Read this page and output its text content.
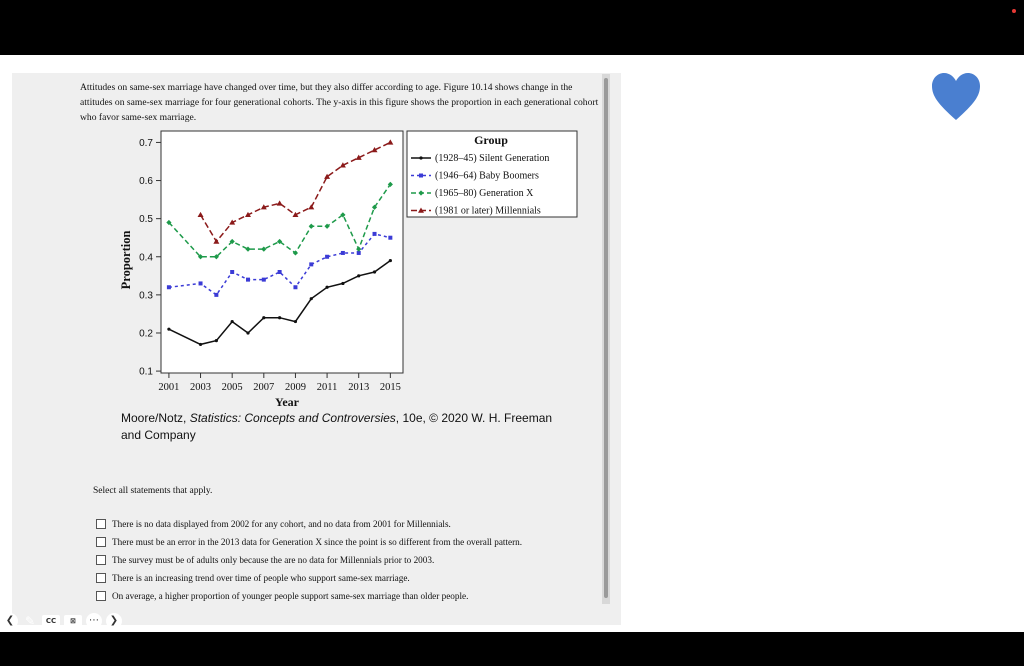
Attitudes on same-sex marriage have changed over time, but they also differ according to age. Figure 10.14 shows change in the attitudes on same-sex marriage for four generational cohorts. The y-axis in this figure shows the proportion in each generational cohort who favor same-sex marriage.
0.1
0.2
0.3
0.4
0.5
0.6
0.7
2001 2003 2005 2007 2009 2011 2013 2015
Year
Proportion
Group
(1928–45) Silent Generation
(1946–64) Baby Boomers
(1965–80) Generation X
(1981 or later) Millennials
Moore/Notz, Statistics: Concepts and Controversies, 10e, © 2020 W. H. Freeman and Company
Select all statements that apply.
There is no data displayed from 2002 for any cohort, and no data from 2001 for Millennials.
There must be an error in the 2013 data for Generation X since the point is so different from the overall pattern.
The survey must be of adults only because the are no data for Millennials prior to 2003.
There is an increasing trend over time of people who support same-sex marriage.
On average, a higher proportion of younger people support same-sex marriage than older people.
❮ ✎	CC	⊠	⋯	❯
